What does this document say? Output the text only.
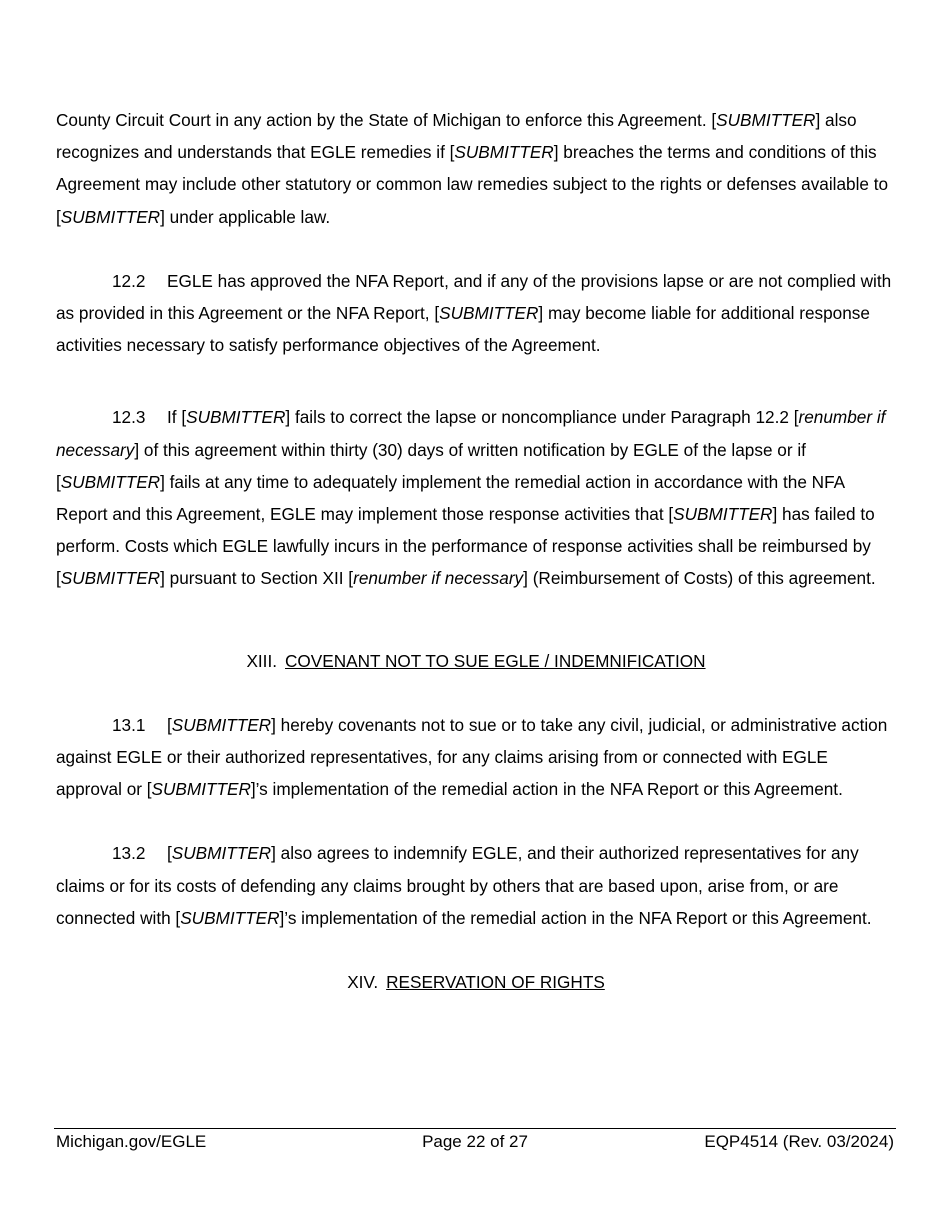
County Circuit Court in any action by the State of Michigan to enforce this Agreement. [SUBMITTER] also recognizes and understands that EGLE remedies if [SUBMITTER] breaches the terms and conditions of this Agreement may include other statutory or common law remedies subject to the rights or defenses available to [SUBMITTER] under applicable law.

12.2 EGLE has approved the NFA Report, and if any of the provisions lapse or are not complied with as provided in this Agreement or the NFA Report, [SUBMITTER] may become liable for additional response activities necessary to satisfy performance objectives of the Agreement.

12.3 If [SUBMITTER] fails to correct the lapse or noncompliance under Paragraph 12.2 [renumber if necessary] of this agreement within thirty (30) days of written notification by EGLE of the lapse or if [SUBMITTER] fails at any time to adequately implement the remedial action in accordance with the NFA Report and this Agreement, EGLE may implement those response activities that [SUBMITTER] has failed to perform. Costs which EGLE lawfully incurs in the performance of response activities shall be reimbursed by [SUBMITTER] pursuant to Section XII [renumber if necessary] (Reimbursement of Costs) of this agreement.

XIII. COVENANT NOT TO SUE EGLE / INDEMNIFICATION

13.1 [SUBMITTER] hereby covenants not to sue or to take any civil, judicial, or administrative action against EGLE or their authorized representatives, for any claims arising from or connected with EGLE approval or [SUBMITTER]’s implementation of the remedial action in the NFA Report or this Agreement.

13.2 [SUBMITTER] also agrees to indemnify EGLE, and their authorized representatives for any claims or for its costs of defending any claims brought by others that are based upon, arise from, or are connected with [SUBMITTER]’s implementation of the remedial action in the NFA Report or this Agreement.

XIV. RESERVATION OF RIGHTS

Michigan.gov/EGLE	Page 22 of 27	EQP4514 (Rev. 03/2024)
